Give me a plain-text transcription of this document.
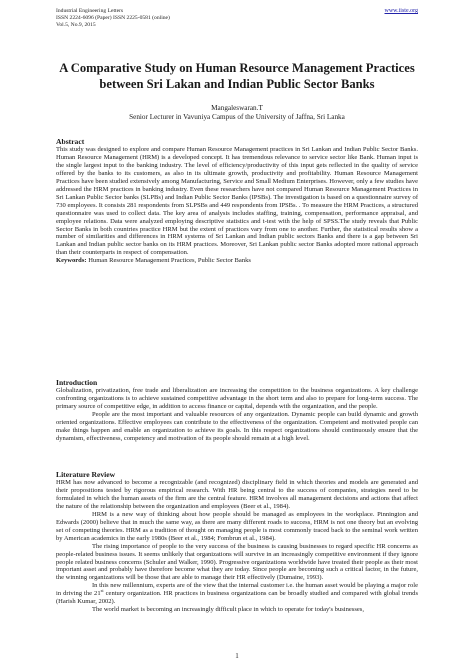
Industrial Engineering Letters
ISSN 2224-6096 (Paper) ISSN 2225-0581 (online)
Vol.5, No.9, 2015
www.iiste.org
A Comparative Study on Human Resource Management Practices between Sri Lakan and Indian Public Sector Banks
Mangaleswaran.T
Senior Lecturer in Vavuniya Campus of the University of Jaffna, Sri Lanka
Abstract

This study was designed to explore and compare Human Resource Management practices in Sri Lankan and Indian Public Sector Banks. Human Resource Management (HRM) is a developed concept. It has tremendous relevance to service sector like Bank. Human input is the single largest input to the banking industry. The level of efficiency/productivity of this input gets reflected in the quality of service offered by the banks to its customers, as also in its ultimate growth, productivity and profitability. Human Resource Management Practices have been studied extensively among Manufacturing, Service and Small Medium Enterprises. However, only a few studies have addressed the HRM practices in banking industry. Even these researchers have not compared Human Resource Management Practices in Sri Lankan Public Sector banks (SLPBs) and Indian Public Sector Banks (IPSBs). The investigation is based on a questionnaire survey of 730 employees. It consists 281 respondents from SLPSBs and 449 respondents from IPSBs. . To measure the HRM Practices, a structured questionnaire was used to collect data. The key area of analysis includes staffing, training, compensation, performance appraisal, and employee relations. Data were analyzed employing descriptive statistics and t-test with the help of SPSS.The study reveals that Public Sector Banks in both countries practice HRM but the extent of practices vary from one to another. Further, the statistical results show a number of similarities and differences in HRM systems of Sri Lankan and Indian public sectors Banks and there is a gap between Sri Lankan and Indian public sector banks on its HRM practices. Moreover, Sri Lankan public sector Banks adopted more rational approach than their counterparts in respect of compensation.

Keywords: Human Resource Management Practices, Public Sector Banks

Introduction

Globalization, privatization, free trade and liberalization are increasing the competition to the business organizations. A key challenge confronting organizations is to achieve sustained competitive advantage in the short term and also to prepare for long-term success. The primary source of competitive edge, in addition to access finance or capital, depends with the organization, and the people.

People are the most important and valuable resources of any organization. Dynamic people can build dynamic and growth oriented organizations. Effective employees can contribute to the effectiveness of the organization. Competent and motivated people can make things happen and enable an organization to achieve its goals. In this respect organizations should continuously ensure that the dynamism, effectiveness, competency and motivation of its people should remain at a high level.

Literature Review

HRM has now advanced to become a recognizable (and recognized) disciplinary field in which theories and models are generated and their propositions tested by rigorous empirical research. With HR being central to the success of companies, strategies need to be formulated in which the human assets of the firm are the central feature. HRM involves all management decisions and actions that affect the nature of the relationship between the organization and employees (Beer et al., 1984).

HRM is a new way of thinking about how people should be managed as employees in the workplace. Pinnington and Edwards (2000) believe that in much the same way, as there are many different roads to success, HRM is not one theory but an evolving set of competing theories. HRM as a tradition of thought on managing people is most commonly traced back to the seminal work written by American academics in the early 1980s (Beer et al., 1984; Fombrun et al., 1984).

The rising importance of people to the very success of the business is causing businesses to regard specific HR concerns as people-related business issues. It seems unlikely that organizations will survive in an increasingly competitive environment if they ignore people related business concerns (Schuler and Walker, 1990). Progressive organizations worldwide have treated their people as their most important asset and probably have therefore become what they are today. Since people are becoming such a critical factor, in the future, the winning organizations will be those that are able to manage their HR effectively (Dumaine, 1993).

In this new millennium, experts are of the view that the internal customer i.e. the human asset would be playing a major role in driving the 21st century organization. HR practices in business organizations can be broadly studied and compared with global trends (Harish Kumar, 2002).

The world market is becoming an increasingly difficult place in which to operate for today's businesses,

1
